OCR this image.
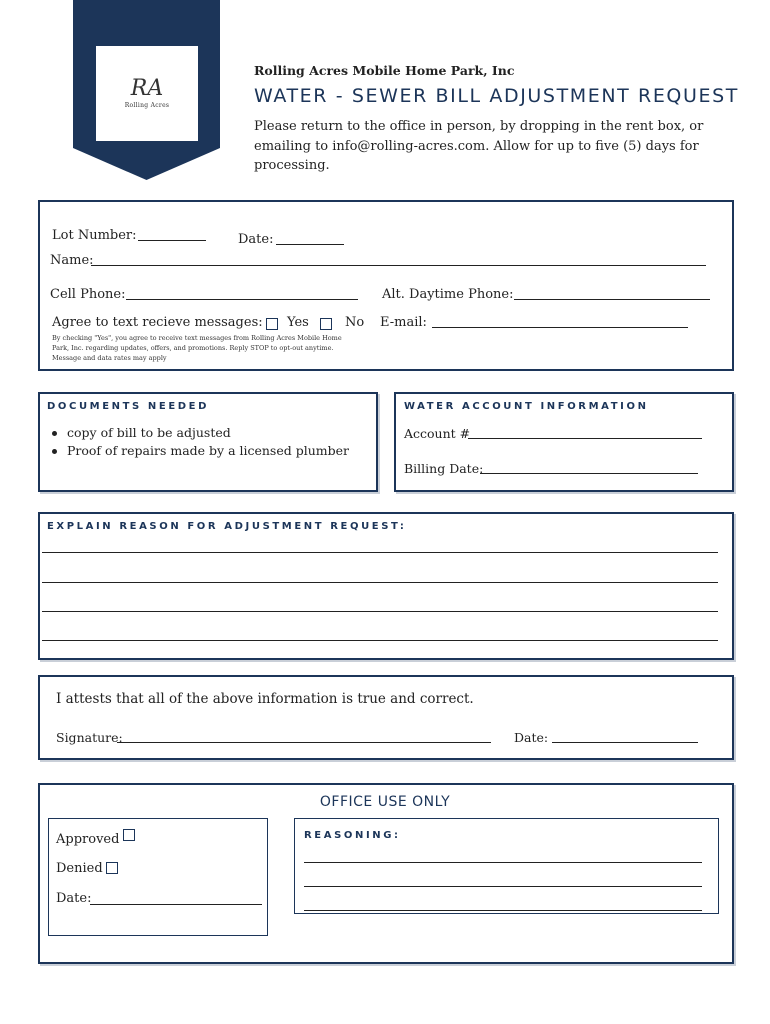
RA
Rolling Acres
Rolling Acres Mobile Home Park, Inc
WATER - SEWER BILL ADJUSTMENT REQUEST
Please return to the office in person, by dropping in the rent box, or emailing to info@rolling-acres.com. Allow for up to five (5) days for processing.
Lot Number:	Date:
Name:
Cell Phone:	Alt. Daytime Phone:
Agree to text recieve messages: Yes	No E-mail:
By checking "Yes", you agree to receive text messages from Rolling Acres Mobile Home Park, Inc. regarding updates, offers, and promotions. Reply STOP to opt-out anytime. Message and data rates may apply
DOCUMENTS NEEDED
copy of bill to be adjusted
Proof of repairs made by a licensed plumber
WATER ACCOUNT INFORMATION
Account #
Billing Date:
EXPLAIN REASON FOR ADJUSTMENT REQUEST:
I attests that all of the above information is true and correct.
Signature:	Date:
OFFICE USE ONLY
Approved
Denied
Date:
REASONING:
